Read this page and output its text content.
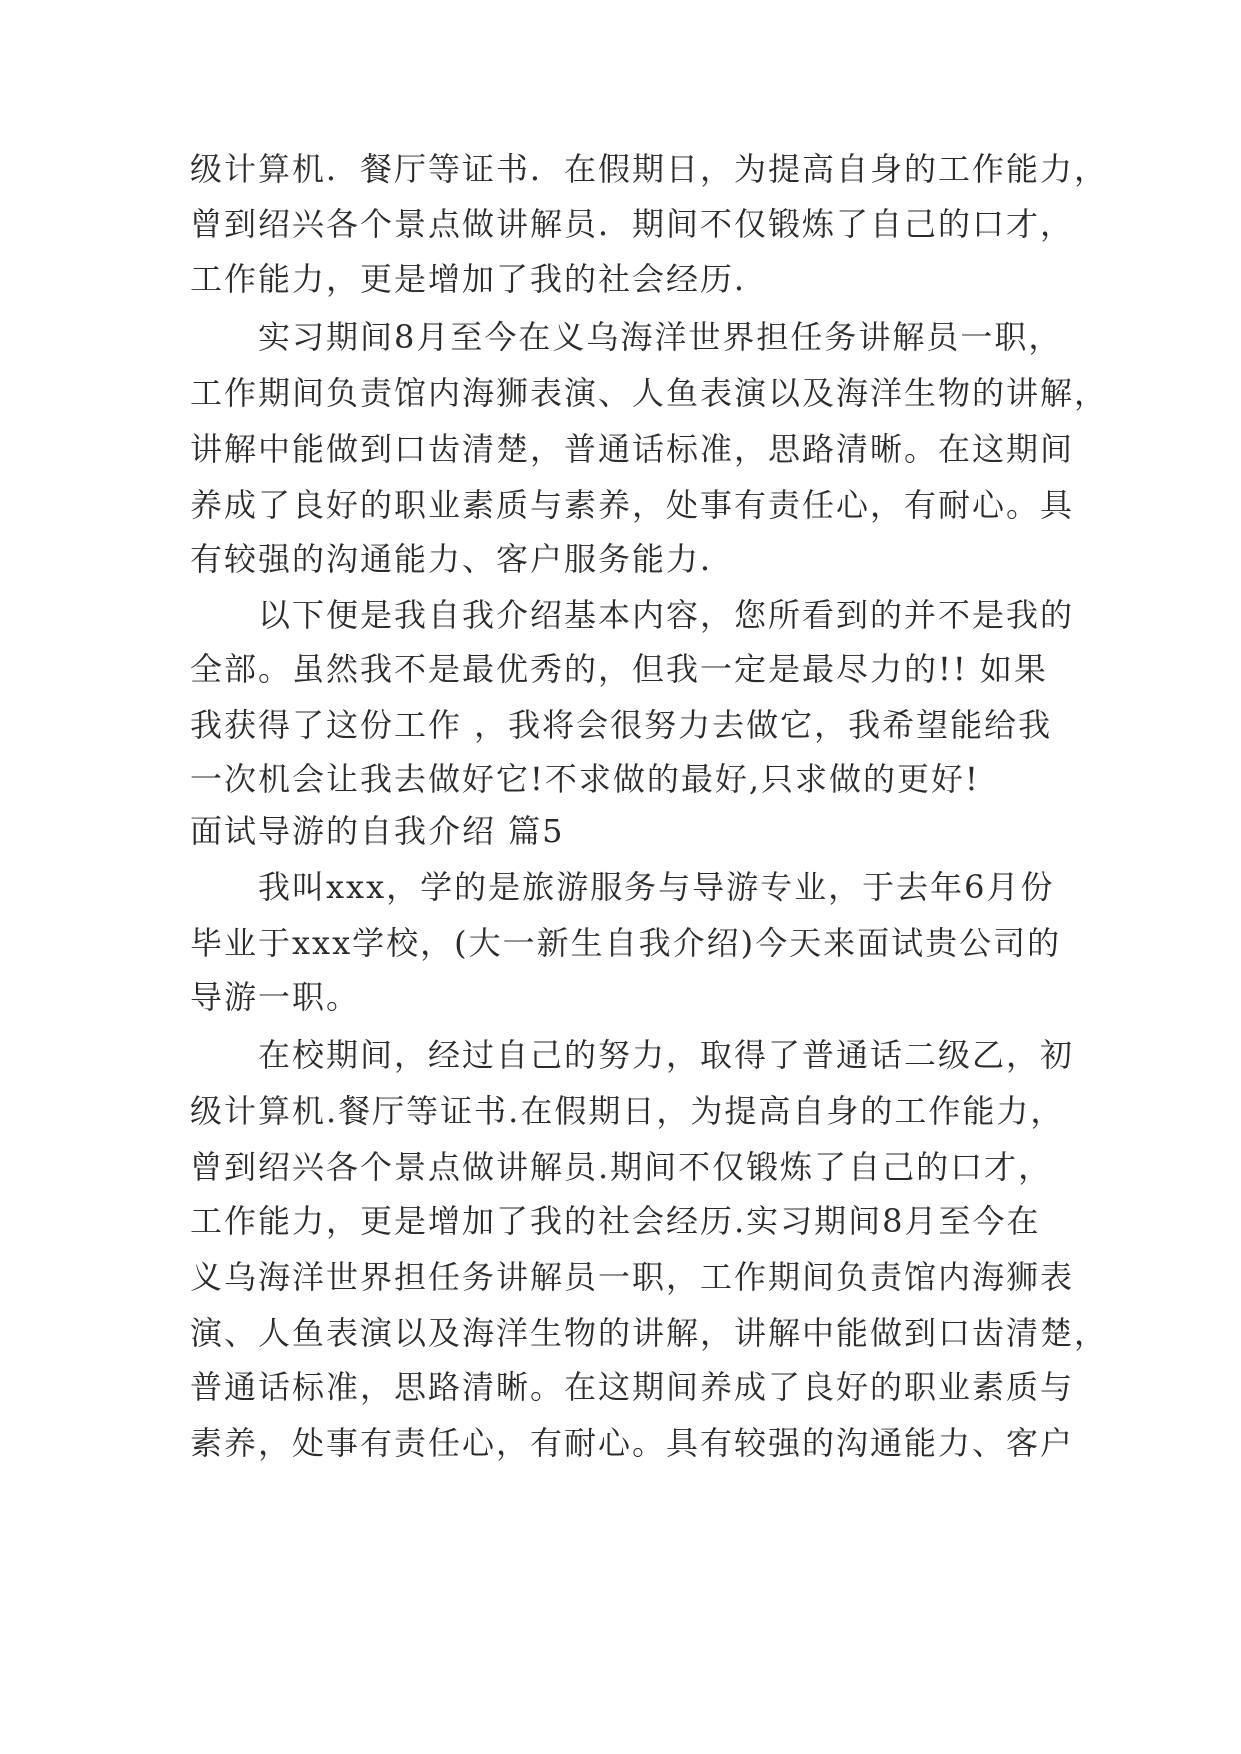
级计算机．餐厅等证书．在假期日，为提高自身的工作能力，
曾到绍兴各个景点做讲解员．期间不仅锻炼了自己的口才，
工作能力，更是增加了我的社会经历．
实习期间8月至今在义乌海洋世界担任务讲解员一职，
工作期间负责馆内海狮表演、人鱼表演以及海洋生物的讲解，
讲解中能做到口齿清楚，普通话标准，思路清晰。在这期间
养成了良好的职业素质与素养，处事有责任心，有耐心。具
有较强的沟通能力、客户服务能力．
以下便是我自我介绍基本内容，您所看到的并不是我的
全部。虽然我不是最优秀的，但我一定是最尽力的!! 如果
我获得了这份工作 ，我将会很努力去做它，我希望能给我
一次机会让我去做好它!不求做的最好,只求做的更好!
面试导游的自我介绍 篇5
我叫xxx，学的是旅游服务与导游专业，于去年6月份
毕业于xxx学校，(大一新生自我介绍)今天来面试贵公司的
导游一职。
在校期间，经过自己的努力，取得了普通话二级乙，初
级计算机.餐厅等证书.在假期日，为提高自身的工作能力，
曾到绍兴各个景点做讲解员.期间不仅锻炼了自己的口才，
工作能力，更是增加了我的社会经历.实习期间8月至今在
义乌海洋世界担任务讲解员一职，工作期间负责馆内海狮表
演、人鱼表演以及海洋生物的讲解，讲解中能做到口齿清楚，
普通话标准，思路清晰。在这期间养成了良好的职业素质与
素养，处事有责任心，有耐心。具有较强的沟通能力、客户
